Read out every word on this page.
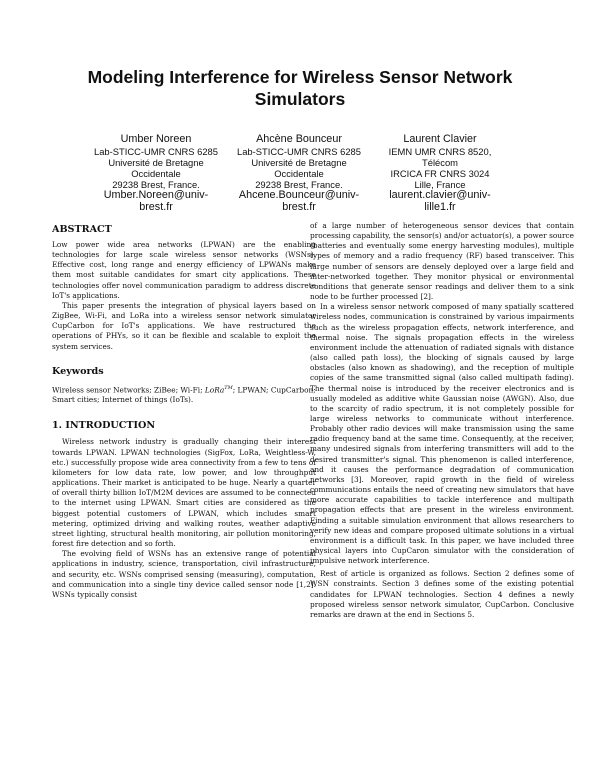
Modeling Interference for Wireless Sensor Network Simulators
Umber Noreen
Lab-STICC-UMR CNRS 6285
Université de Bretagne
Occidentale
29238 Brest, France.
Umber.Noreen@univ-
brest.fr
Ahcène Bounceur
Lab-STICC-UMR CNRS 6285
Université de Bretagne
Occidentale
29238 Brest, France.
Ahcene.Bounceur@univ-
brest.fr
Laurent Clavier
IEMN UMR CNRS 8520,
Télécom
IRCICA FR CNRS 3024
Lille, France
laurent.clavier@univ-
lille1.fr
ABSTRACT

Low power wide area networks (LPWAN) are the enabling technologies for large scale wireless sensor networks (WSNs). Effective cost, long range and energy efficiency of LPWANs make them most suitable candidates for smart city applications. These technologies offer novel communication paradigm to address discrete IoT's applications.

This paper presents the integration of physical layers based on ZigBee, Wi-Fi, and LoRa into a wireless sensor network simulator CupCarbon for IoT's applications. We have restructured the operations of PHYs, so it can be flexible and scalable to exploit the system services.

Keywords

Wireless sensor Networks; ZiBee; Wi-Fi; LoRa™; LPWAN; CupCarbon; Smart cities; Internet of things (IoTs).

1. INTRODUCTION

Wireless network industry is gradually changing their interest towards LPWAN. LPWAN technologies (SigFox, LoRa, Weightless-W, etc.) successfully propose wide area connectivity from a few to tens of kilometers for low data rate, low power, and low throughput applications. Their market is anticipated to be huge. Nearly a quarter of overall thirty billion IoT/M2M devices are assumed to be connected to the internet using LPWAN. Smart cities are considered as the biggest potential customers of LPWAN, which includes smart metering, optimized driving and walking routes, weather adaptive street lighting, structural health monitoring, air pollution monitoring, forest fire detection and so forth.

The evolving field of WSNs has an extensive range of potential applications in industry, science, transportation, civil infrastructure, and security, etc. WSNs comprised sensing (measuring), computation, and communication into a single tiny device called sensor node [1,2]. WSNs typically consist

of a large number of heterogeneous sensor devices that contain processing capability, the sensor(s) and/or actuator(s), a power source (batteries and eventually some energy harvesting modules), multiple types of memory and a radio frequency (RF) based transceiver. This large number of sensors are densely deployed over a large field and inter-networked together. They monitor physical or environmental conditions that generate sensor readings and deliver them to a sink node to be further processed [2].

In a wireless sensor network composed of many spatially scattered wireless nodes, communication is constrained by various impairments such as the wireless propagation effects, network interference, and thermal noise. The signals propagation effects in the wireless environment include the attenuation of radiated signals with distance (also called path loss), the blocking of signals caused by large obstacles (also known as shadowing), and the reception of multiple copies of the same transmitted signal (also called multipath fading). The thermal noise is introduced by the receiver electronics and is usually modeled as additive white Gaussian noise (AWGN). Also, due to the scarcity of radio spectrum, it is not completely possible for large wireless networks to communicate without interference. Probably other radio devices will make transmission using the same radio frequency band at the same time. Consequently, at the receiver, many undesired signals from interfering transmitters will add to the desired transmitter's signal. This phenomenon is called interference, and it causes the performance degradation of communication networks [3]. Moreover, rapid growth in the field of wireless communications entails the need of creating new simulators that have more accurate capabilities to tackle interference and multipath propagation effects that are present in the wireless environment. Finding a suitable simulation environment that allows researchers to verify new ideas and compare proposed ultimate solutions in a virtual environment is a difficult task. In this paper, we have included three physical layers into CupCaron simulator with the consideration of impulsive network interference.

Rest of article is organized as follows. Section 2 defines some of WSN constraints. Section 3 defines some of the existing potential candidates for LPWAN technologies. Section 4 defines a newly proposed wireless sensor network simulator, CupCarbon. Conclusive remarks are drawn at the end in Sections 5.
